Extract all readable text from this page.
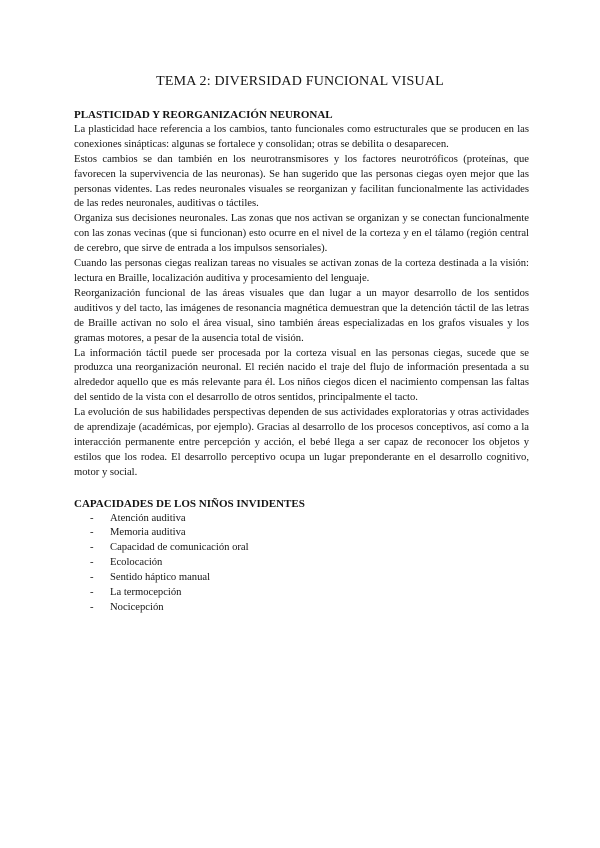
TEMA 2: DIVERSIDAD FUNCIONAL VISUAL
PLASTICIDAD Y REORGANIZACIÓN NEURONAL

La plasticidad hace referencia a los cambios, tanto funcionales como estructurales que se producen en las conexiones sinápticas: algunas se fortalece y consolidan; otras se debilita o desaparecen.

Estos cambios se dan también en los neurotransmisores y los factores neurotróficos (proteínas, que favorecen la supervivencia de las neuronas). Se han sugerido que las personas ciegas oyen mejor que las personas videntes. Las redes neuronales visuales se reorganizan y facilitan funcionalmente las actividades de las redes neuronales, auditivas o táctiles.

Organiza sus decisiones neuronales. Las zonas que nos activan se organizan y se conectan funcionalmente con las zonas vecinas (que si funcionan) esto ocurre en el nivel de la corteza y en el tálamo (región central de cerebro, que sirve de entrada a los impulsos sensoriales).

Cuando las personas ciegas realizan tareas no visuales se activan zonas de la corteza destinada a la visión: lectura en Braille, localización auditiva y procesamiento del lenguaje.

Reorganización funcional de las áreas visuales que dan lugar a un mayor desarrollo de los sentidos auditivos y del tacto, las imágenes de resonancia magnética demuestran que la detención táctil de las letras de Braille activan no solo el área visual, sino también áreas especializadas en los grafos visuales y los gramas motores, a pesar de la ausencia total de visión.

La información táctil puede ser procesada por la corteza visual en las personas ciegas, sucede que se produzca una reorganización neuronal. El recién nacido el traje del flujo de información presentada a su alrededor aquello que es más relevante para él. Los niños ciegos dicen el nacimiento compensan las faltas del sentido de la vista con el desarrollo de otros sentidos, principalmente el tacto.

La evolución de sus habilidades perspectivas dependen de sus actividades exploratorias y otras actividades de aprendizaje (académicas, por ejemplo). Gracias al desarrollo de los procesos conceptivos, así como a la interacción permanente entre percepción y acción, el bebé llega a ser capaz de reconocer los objetos y estilos que los rodea. El desarrollo perceptivo ocupa un lugar preponderante en el desarrollo cognitivo, motor y social.

CAPACIDADES DE LOS NIÑOS INVIDENTES
-	Atención auditiva
-	Memoria auditiva
-	Capacidad de comunicación oral
-	Ecolocación
-	Sentido háptico manual
-	La termocepción
-	Nocicepción
